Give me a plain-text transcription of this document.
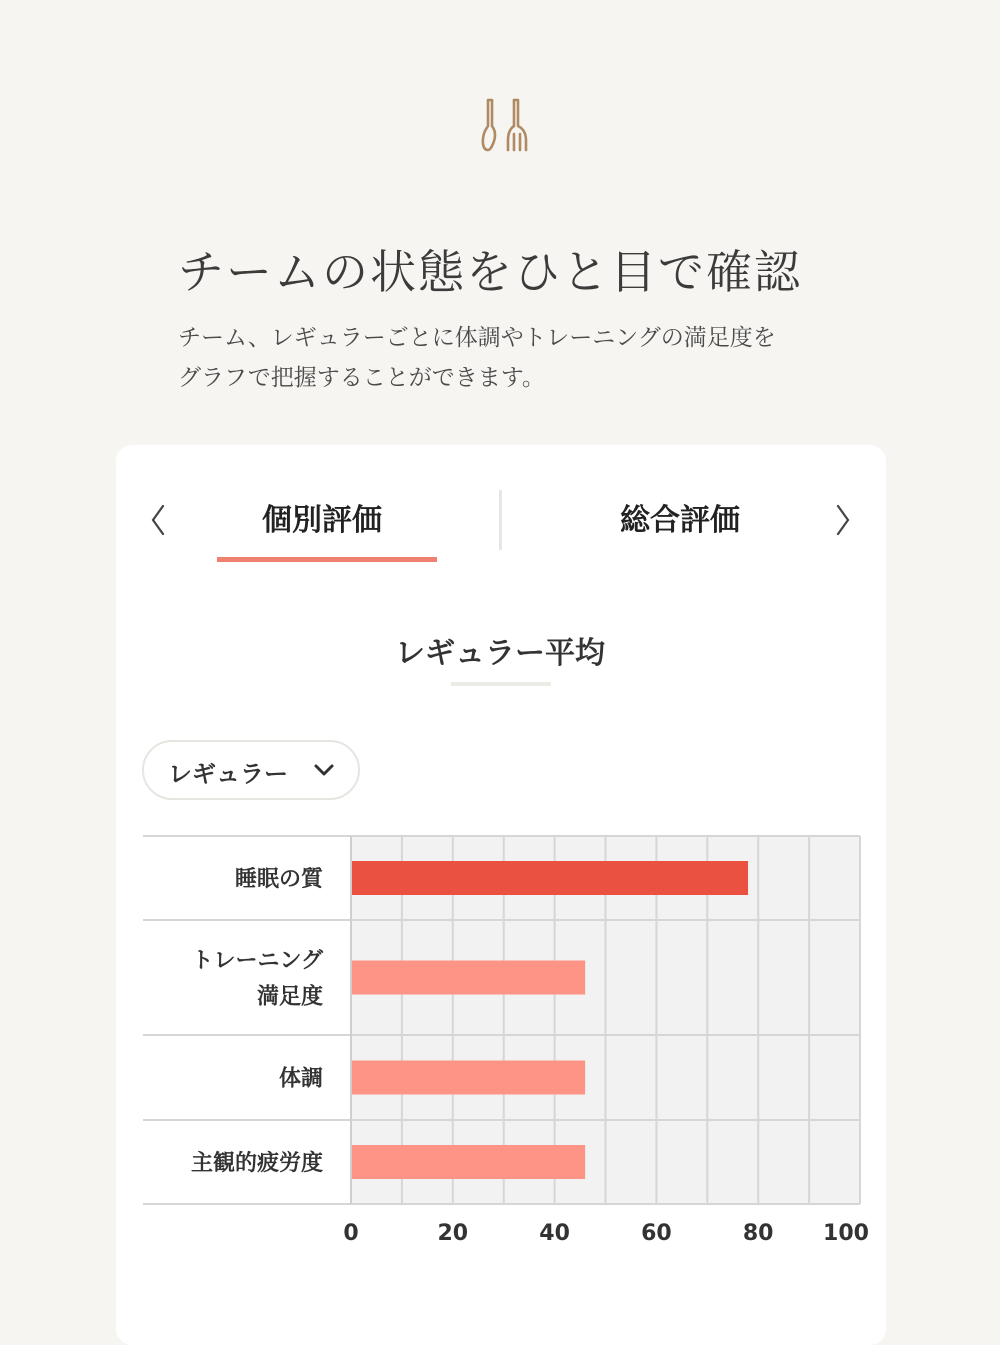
チームの状態をひと目で確認
チーム、レギュラーごとに体調やトレーニングの満足度を
グラフで把握することができます。
個別評価	総合評価
レギュラー平均
レギュラー
睡眠の質
トレーニング
満足度
体調
主観的疲労度
0	20	40	60	80 100
